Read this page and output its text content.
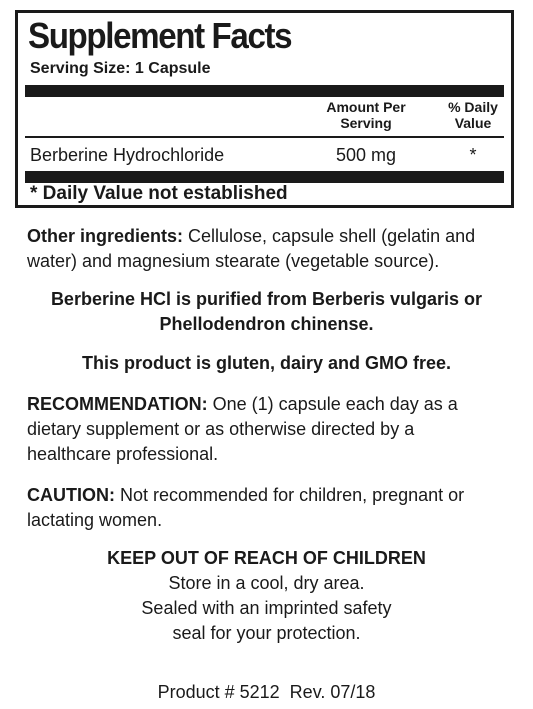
Supplement Facts
Serving Size: 1 Capsule
Amount Per
Serving
% Daily
Value
Berberine Hydrochloride	500 mg	*
* Daily Value not established

Other ingredients: Cellulose, capsule shell (gelatin and
water) and magnesium stearate (vegetable source).

Berberine HCl is purified from Berberis vulgaris or
Phellodendron chinense.

This product is gluten, dairy and GMO free.

RECOMMENDATION: One (1) capsule each day as a
dietary supplement or as otherwise directed by a
healthcare professional.

CAUTION: Not recommended for children, pregnant or
lactating women.

KEEP OUT OF REACH OF CHILDREN

Store in a cool, dry area.
Sealed with an imprinted safety
seal for your protection.

Product # 5212  Rev. 07/18
